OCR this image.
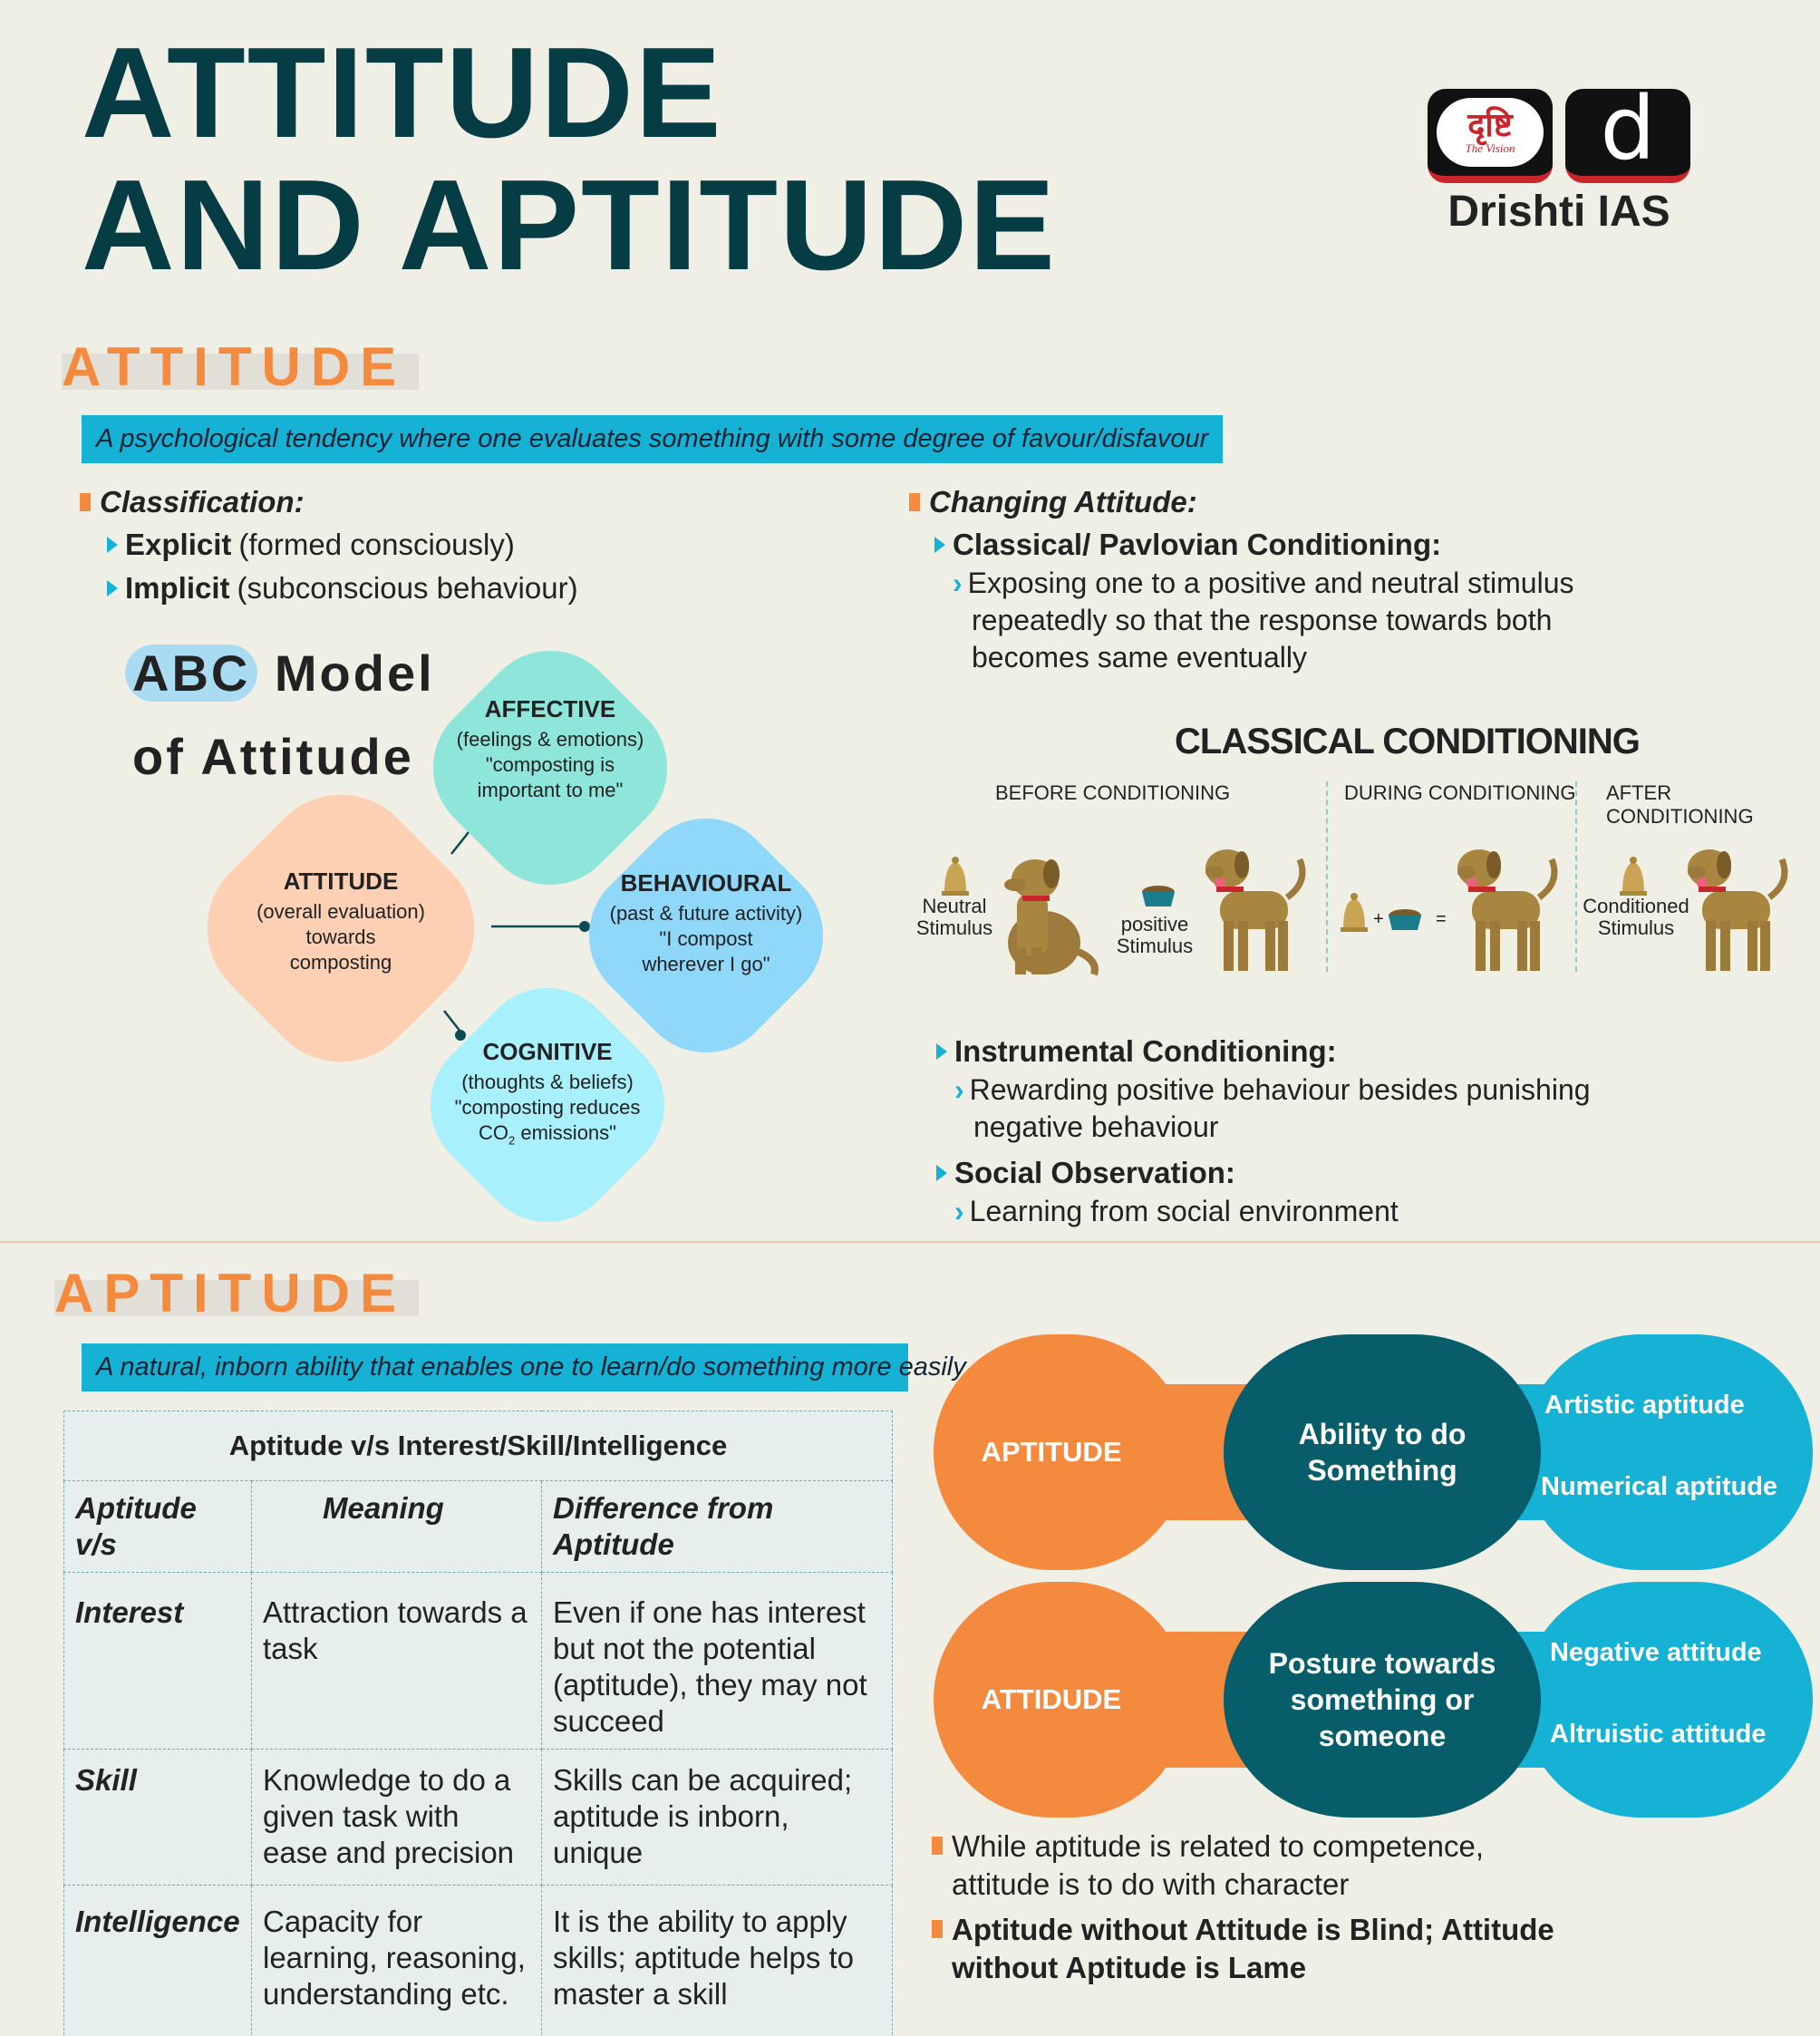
ATTITUDE
AND APTITUDE
दृष्टि
The Vision d
Drishti IAS
ATTITUDE
A psychological tendency where one evaluates something with some degree of favour/disfavour
Classification:
Explicit (formed consciously)
Implicit (subconscious behaviour)
ABC Model
of Attitude
ATTITUDE
(overall evaluation)
towards
composting
AFFECTIVE
(feelings & emotions)
"composting is
important to me"
BEHAVIOURAL
(past & future activity)
"I compost
wherever I go"
COGNITIVE
(thoughts & beliefs)
"composting reduces
$CO_2$ emissions"
Changing Attitude:
Classical/ Pavlovian Conditioning:
› Exposing one to a positive and neutral stimulus
repeatedly so that the response towards both
becomes same eventually
CLASSICAL CONDITIONING
BEFORE CONDITIONING	DURING CONDITIONING AFTER CONDITIONING
+	=
Neutral
Stimulus	positive
Stimulus
Conditioned
Stimulus
Instrumental Conditioning:
› Rewarding positive behaviour besides punishing
negative behaviour
Social Observation:
› Learning from social environment
APTITUDE
A natural, inborn ability that enables one to learn/do something more easily
Aptitude v/s Interest/Skill/Intelligence		
Aptitude v/s	Meaning	Difference from Aptitude
Interest	Attraction towards a task	Even if one has interest but not the potential (aptitude), they may not succeed
Skill	Knowledge to do a given task with ease and precision	Skills can be acquired; aptitude is inborn, unique
Intelligence	Capacity for learning, reasoning, understanding etc.	It is the ability to apply skills; aptitude helps to master a skill
Artistic aptitude
Numerical aptitude
Ability to do Something
APTITUDE
Negative attitude
Altruistic attitude
Posture towards something or someone
ATTIDUDE
While aptitude is related to competence, attitude is to do with character
Aptitude without Attitude is Blind; Attitude without Aptitude is Lame
